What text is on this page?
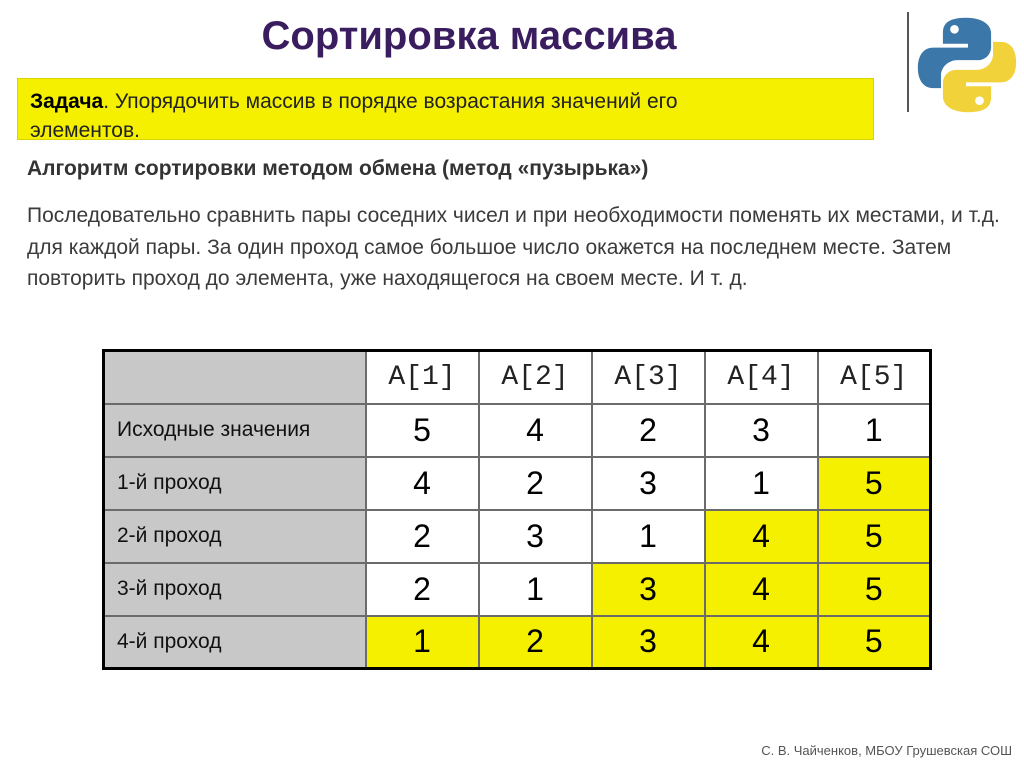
Сортировка массива
Задача. Упорядочить массив в порядке возрастания значений его элементов.
Алгоритм сортировки методом обмена (метод «пузырька»)
Последовательно сравнить пары соседних чисел и при необходимости поменять их местами, и т.д. для каждой пары. За один проход самое большое число окажется на последнем месте. Затем повторить проход до элемента, уже находящегося на своем месте. И т. д.
	A[1]	A[2]	A[3]	A[4]	A[5]
Исходные значения	5	4	2	3	1
1-й проход	4	2	3	1	5
2-й проход	2	3	1	4	5
3-й проход	2	1	3	4	5
4-й проход	1	2	3	4	5
С. В. Чайченков, МБОУ Грушевская СОШ
